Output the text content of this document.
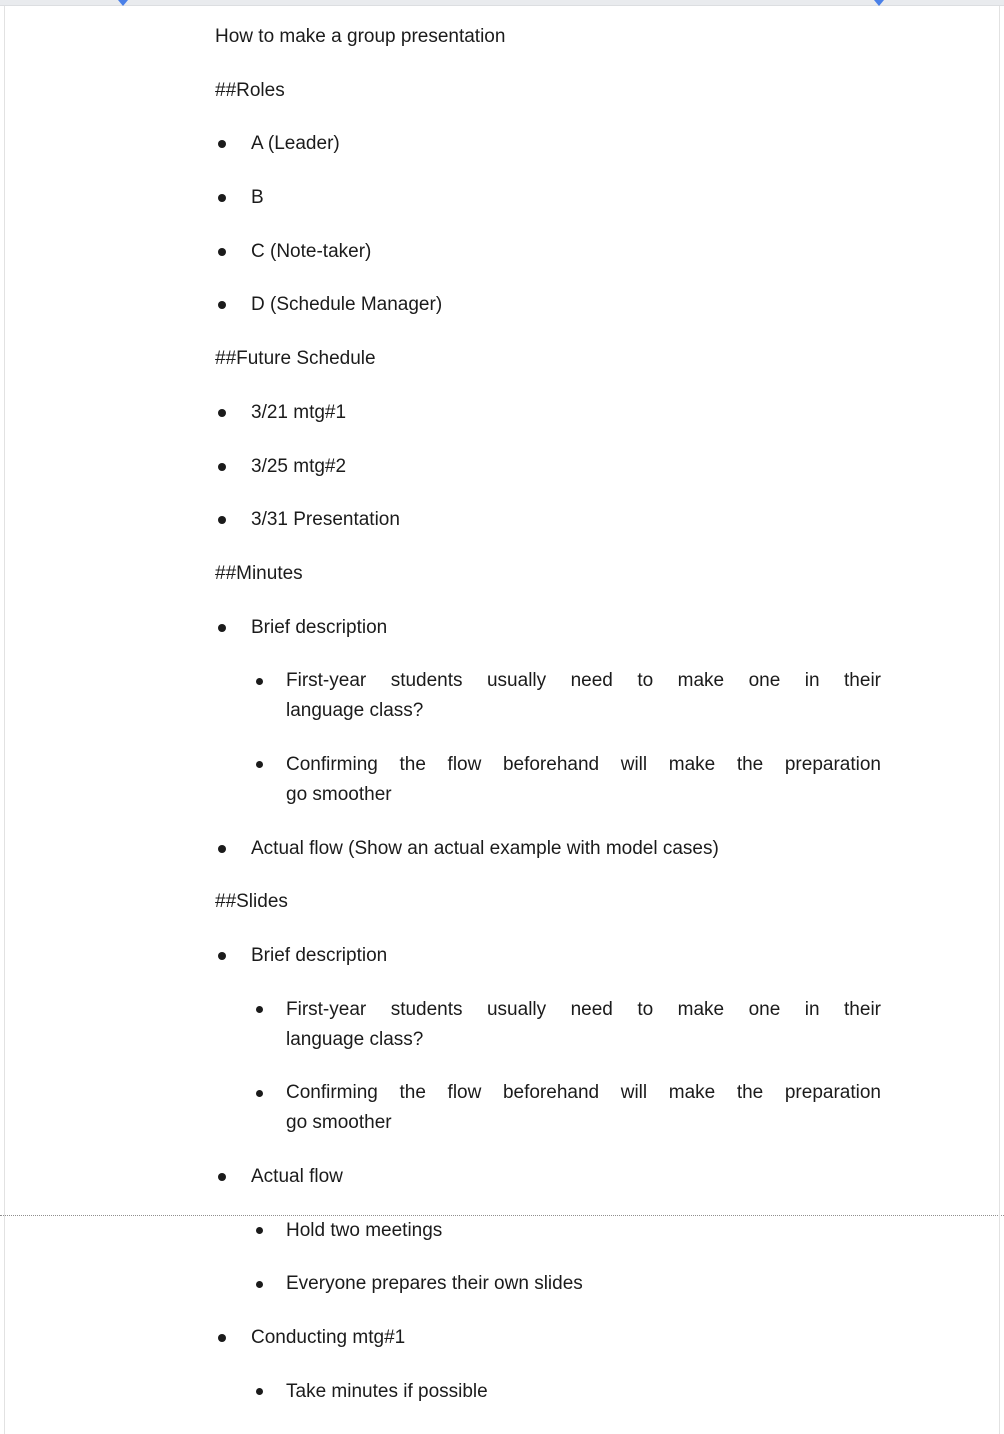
How to make a group presentation
##Roles
A (Leader)
B
C (Note-taker)
D (Schedule Manager)
##Future Schedule
3/21 mtg#1
3/25 mtg#2
3/31 Presentation
##Minutes
Brief description
First-year students usually need to make one in their
language class?
Confirming the flow beforehand will make the preparation
go smoother
Actual flow (Show an actual example with model cases)
##Slides
Brief description
First-year students usually need to make one in their
language class?
Confirming the flow beforehand will make the preparation
go smoother
Actual flow
Hold two meetings
Everyone prepares their own slides
Conducting mtg#1
Take minutes if possible
